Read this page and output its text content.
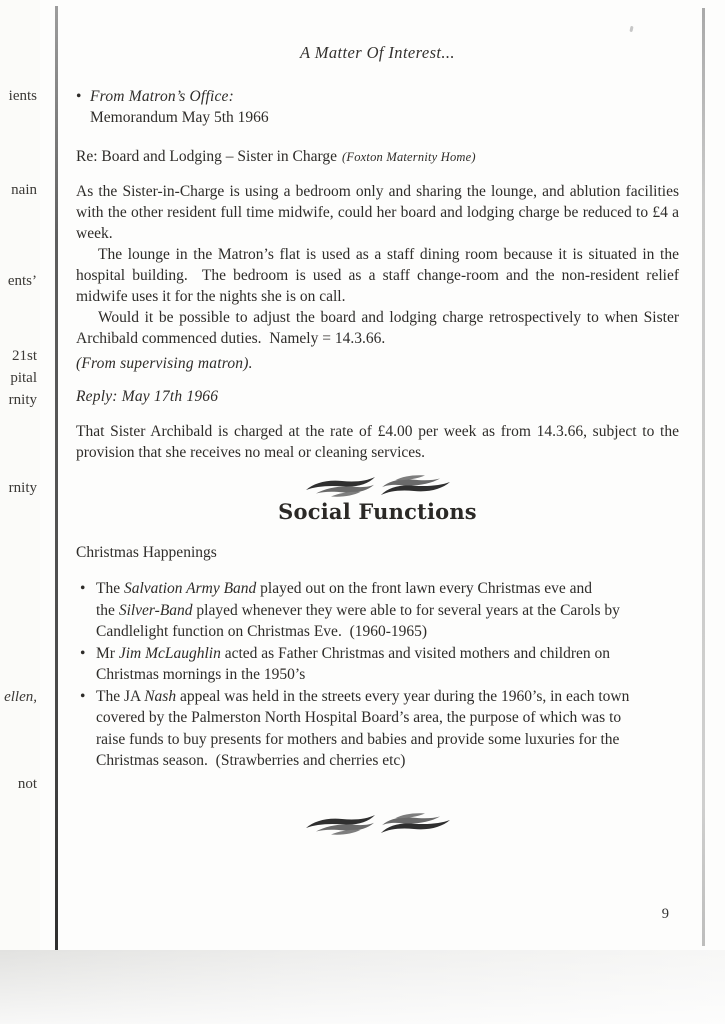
ients
nain
ents’
21st
pital
rnity
rnity
ellen,
not
A Matter Of Interest...
• From Matron’s Office:
Memorandum May 5th 1966
Re: Board and Lodging – Sister in Charge (Foxton Maternity Home)

As the Sister-in-Charge is using a bedroom only and sharing the lounge, and ablution facilities with the other resident full time midwife, could her board and lodging charge be reduced to £4 a week.

The lounge in the Matron’s flat is used as a staff dining room because it is situated in the hospital building.  The bedroom is used as a staff change-room and the non-resident relief midwife uses it for the nights she is on call.

Would it be possible to adjust the board and lodging charge retrospectively to when Sister Archibald commenced duties.  Namely = 14.3.66.

(From supervising matron).
Reply: May 17th 1966

That Sister Archibald is charged at the rate of £4.00 per week as from 14.3.66, subject to the provision that she receives no meal or cleaning services.

Social Functions
Christmas Happenings
• The Salvation Army Band played out on the front lawn every Christmas eve and
the Silver-Band played whenever they were able to for several years at the Carols by Candlelight function on Christmas Eve.  (1960-1965)
• Mr Jim McLaughlin acted as Father Christmas and visited mothers and children on Christmas mornings in the 1950’s
• The JA Nash appeal was held in the streets every year during the 1960’s, in each town covered by the Palmerston North Hospital Board’s area, the purpose of which was to raise funds to buy presents for mothers and babies and provide some luxuries for the Christmas season.  (Strawberries and cherries etc)
9
